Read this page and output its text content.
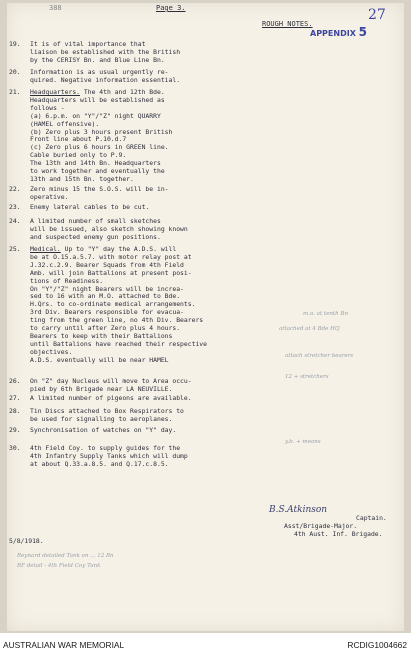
388	Page 3.
ROUGH NOTES.
APPENDIX 5
27
19. It is of vital importance that
liaison be established with the British
by the CERISY Bn. and Blue Line Bn.
20. Information is as usual urgently re-
quired. Negative information essential.
21. Headquarters. The 4th and 12th Bde.
Headquarters will be established as
follows -
(a) 6.p.m. on "Y"/"Z" night QUARRY
(HAMEL offensive).
(b) Zero plus 3 hours present British
Front line about P.10.d.7
(c) Zero plus 6 hours in GREEN line.
Cable buried only to P.9.
The 13th and 14th Bn. Headquarters
to work together and eventually the
13th and 15th Bn. together.
22. Zero minus 15 the S.O.S. will be in-
operative.
23. Enemy lateral cables to be cut.
24. A limited number of small sketches
will be issued, also sketch showing known
and suspected enemy gun positions.
25. Medical. Up to "Y" day the A.D.S. will
be at O.15.a.5.7. with motor relay post at
J.32.c.2.9. Bearer Squads from 4th Field
Amb. will join Battalions at present posi-
tions of Readiness.
On "Y"/"Z" night Bearers will be increa-
sed to 16 with an M.O. attached to Bde.
H.Qrs. to co-ordinate medical arrangements.
3rd Div. Bearers responsible for evacua-
ting from the green line, no 4th Div. Bearers
to carry until after Zero plus 4 hours.
Bearers to keep with their Battalions
until Battalions have reached their respective
objectives.
A.D.S. eventually will be near HAMEL
26. On "Z" day Nucleus will move to Area occu-
pied by 6th Brigade near LA NEUVILLE.
27. A limited number of pigeons are available.
28. Tin Discs attached to Box Respirators to
be used for signalling to aeroplanes.
29. Synchronisation of watches on "Y" day.
30. 4th Field Coy. to supply guides for the
4th Infantry Supply Tanks which will dump
at about Q.33.a.8.5. and Q.17.c.8.5.
m.o. at tenth Bn
attached at 4 Bde HQ
attach stretcher bearers
12 + stretchers
y.b. + means
B.S.Atkinson
Captain.
Asst/Brigade-Major.
4th Aust. Inf. Brigade.
5/8/1918.
Reynard detailed Tank on ... 12 Bn
RF detail - 4th Field Coy Tank
AUSTRALIAN WAR MEMORIAL	RCDIG1004662
